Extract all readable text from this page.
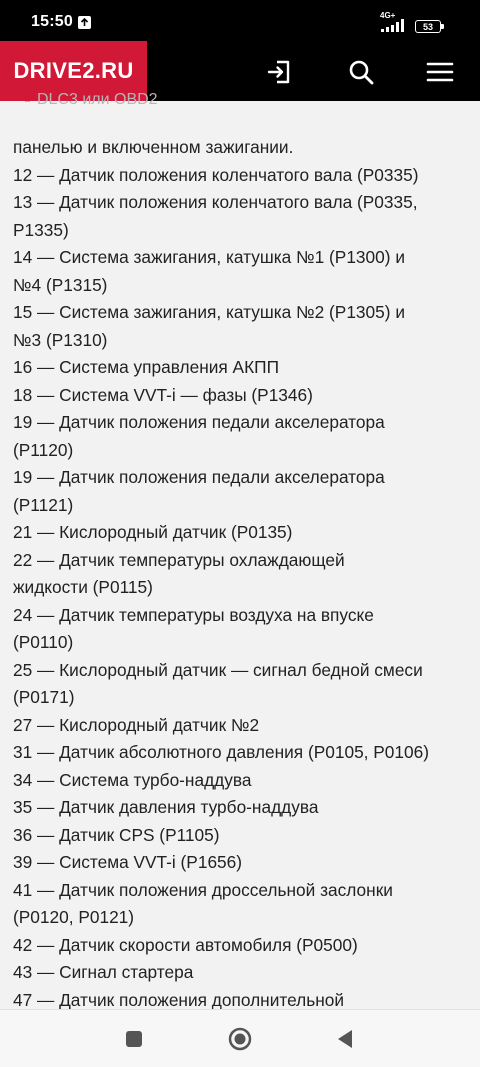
15:50	4G+
53
DRIVE2.RU
DLC3 или OBD2
панелью и включенном зажигании.
12 — Датчик положения коленчатого вала (P0335)
13 — Датчик положения коленчатого вала (P0335,
P1335)
14 — Система зажигания, катушка №1 (P1300) и
№4 (P1315)
15 — Система зажигания, катушка №2 (P1305) и
№3 (P1310)
16 — Система управления АКПП
18 — Система VVT-i — фазы (P1346)
19 — Датчик положения педали акселератора
(P1120)
19 — Датчик положения педали акселератора
(P1121)
21 — Кислородный датчик (P0135)
22 — Датчик температуры охлаждающей
жидкости (P0115)
24 — Датчик температуры воздуха на впуске
(P0110)
25 — Кислородный датчик — сигнал бедной смеси
(P0171)
27 — Кислородный датчик №2
31 — Датчик абсолютного давления (P0105, P0106)
34 — Система турбо-наддува
35 — Датчик давления турбо-наддува
36 — Датчик CPS (P1105)
39 — Система VVT-i (P1656)
41 — Датчик положения дроссельной заслонки
(P0120, P0121)
42 — Датчик скорости автомобиля (P0500)
43 — Сигнал стартера
47 — Датчик положения дополнительной
